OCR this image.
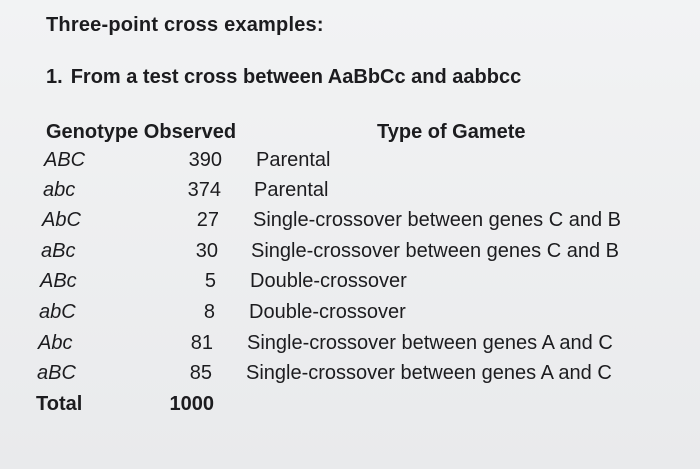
Three-point cross examples:
1. From a test cross between AaBbCc and aabbcc
Genotype Observed	Type of Gamete
ABC	390 Parental
abc	374 Parental
AbC	27 Single-crossover between genes C and B
aBc	30 Single-crossover between genes C and B
ABc	5 Double-crossover
abC	8 Double-crossover
Abc	81 Single-crossover between genes A and C
aBC	85 Single-crossover between genes A and C
Total	1000
